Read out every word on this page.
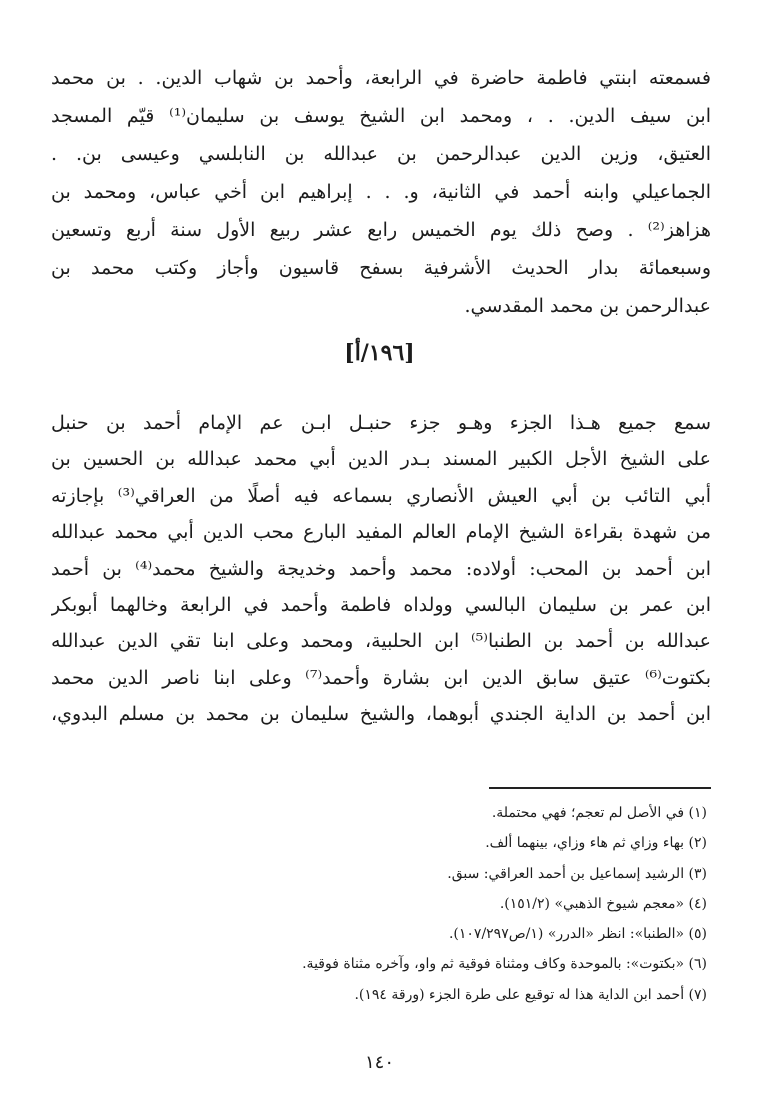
فسمعته ابنتي فاطمة حاضرة في الرابعة، وأحمد بن شهاب الدين. . بن محمد
ابن سيف الدين. . ، ومحمد ابن الشيخ يوسف بن سليمان⁽¹⁾ قيّم المسجد
العتيق، وزين الدين عبدالرحمن بن عبدالله بن النابلسي وعيسى بن. .
الجماعيلي وابنه أحمد في الثانية، و. . . إبراهيم ابن أخي عباس، ومحمد بن
هزاهز⁽²⁾ . وصح ذلك يوم الخميس رابع عشر ربيع الأول سنة أربع وتسعين
وسبعمائة بدار الحديث الأشرفية بسفح قاسيون وأجاز وكتب محمد بن
عبدالرحمن بن محمد المقدسي.
[١٩٦/أ]
سمع جميع هـذا الجزء وهـو جزء حنبـل ابـن عم الإمام أحمد بن حنبل
على الشيخ الأجل الكبير المسند بـدر الدين أبي محمد عبدالله بن الحسين بن
أبي التائب بن أبي العيش الأنصاري بسماعه فيه أصلًا من العراقي⁽³⁾ بإجازته
من شهدة بقراءة الشيخ الإمام العالم المفيد البارع محب الدين أبي محمد عبدالله
ابن أحمد بن المحب: أولاده: محمد وأحمد وخديجة والشيخ محمد⁽⁴⁾ بن أحمد
ابن عمر بن سليمان البالسي وولداه فاطمة وأحمد في الرابعة وخالهما أبوبكر
عبدالله بن أحمد بن الطنبا⁽⁵⁾ ابن الحلبية، ومحمد وعلى ابنا تقي الدين عبدالله
بكتوت⁽⁶⁾ عتيق سابق الدين ابن بشارة وأحمد⁽⁷⁾ وعلى ابنا ناصر الدين محمد
ابن أحمد بن الداية الجندي أبوهما، والشيخ سليمان بن محمد بن مسلم البدوي،
(١) في الأصل لم تعجم؛ فهي محتملة.
(٢) بهاء وزاي ثم هاء وزاي، بينهما ألف.
(٣) الرشيد إسماعيل بن أحمد العراقي: سبق.
(٤) «معجم شيوخ الذهبي» (١٥١/٢).
(٥) «الطنبا»: انظر «الدرر» (١/ص١٠٧/٢٩٧).
(٦) «بكتوت»: بالموحدة وكاف ومثناة فوقية ثم واو، وآخره مثناة فوقية.
(٧) أحمد ابن الداية هذا له توقيع على طرة الجزء (ورقة ١٩٤).

١٤٠
